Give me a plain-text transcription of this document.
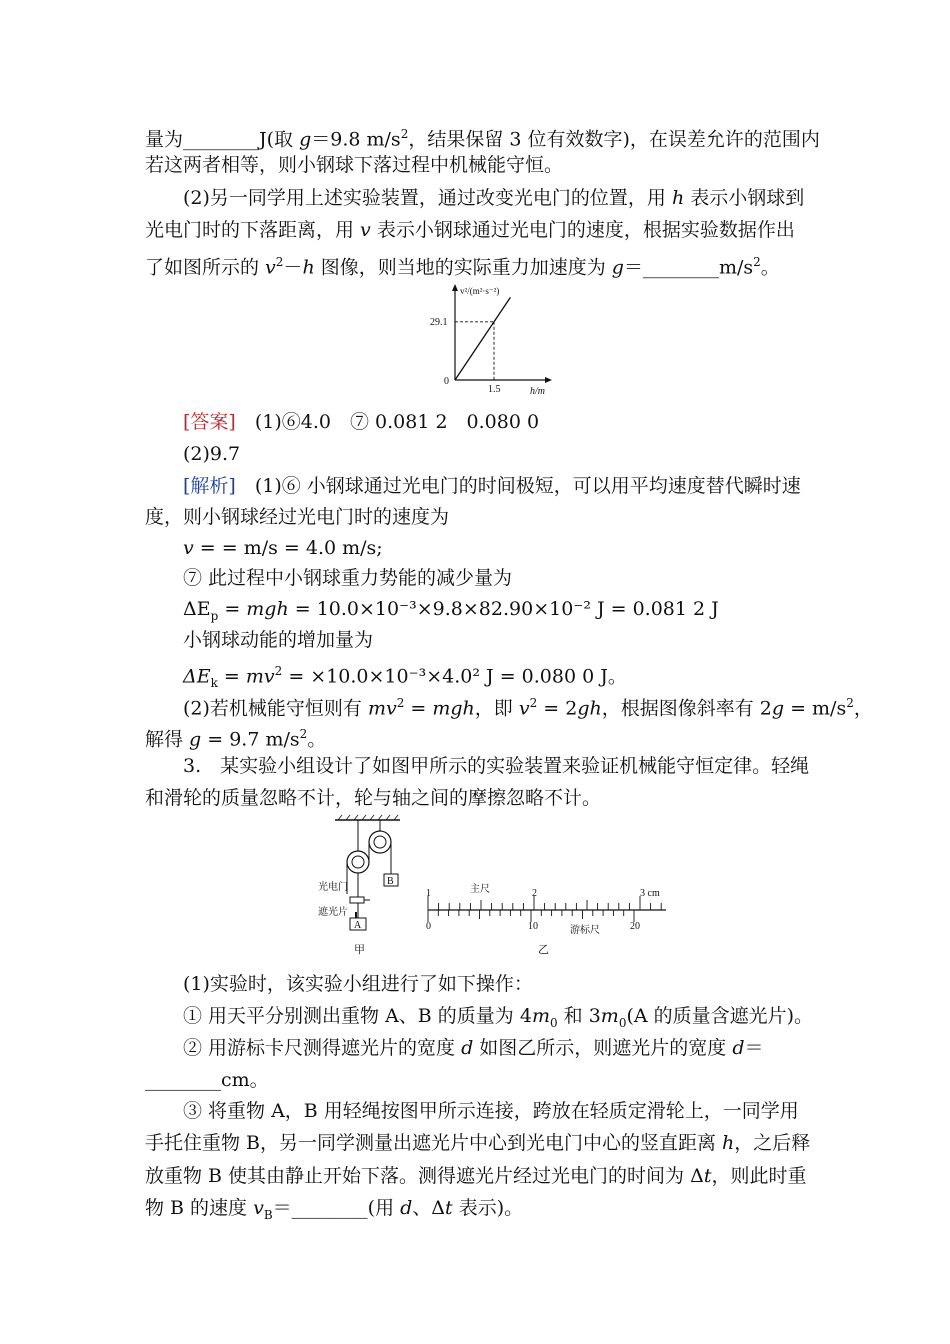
量为________J(取 g＝9.8 $m/s^2$，结果保留 3 位有效数字)，在误差允许的范围内
若这两者相等，则小钢球下落过程中机械能守恒。
(2)另一同学用上述实验装置，通过改变光电门的位置，用 h 表示小钢球到
光电门时的下落距离，用 v 表示小钢球通过光电门的速度，根据实验数据作出
了如图所示的 $v^2-h$ 图像，则当地的实际重力加速度为 $g=\_\_\_\_\_\_\_\_m/s^2$。
v²/(m²·s⁻²)
29.1
0
1.5	h/m
[答案]　 (1)⑥4.0　⑦ 0.081 2　0.080 0
(2)9.7
[解析]　 (1)⑥ 小钢球通过光电门的时间极短，可以用平均速度替代瞬时速
度，则小钢球经过光电门时的速度为
v = = m/s = 4.0 m/s;
⑦ 此过程中小钢球重力势能的减少量为
$\Delta E_p$ = mgh = 10.0×10⁻³×9.8×82.90×10⁻² J = 0.081 2 J
小钢球动能的增加量为
$\Delta E_k = mv^2 = \times 10.0\times 10^{-3}\times 4.0^2$ J = 0.080 0 J。
(2)若机械能守恒则有 $mv^2$ = mgh，即 $v^2 = 2gh$，根据图像斜率有 $2g = m/s^2$，
解得 g = 9.7 $m/s^2$。
3.　某实验小组设计了如图甲所示的实验装置来验证机械能守恒定律。轻绳
和滑轮的质量忽略不计，轮与轴之间的摩擦忽略不计。
B
光电门
遮光片
A
甲
1	主尺	2	3 cm
0	10	游标尺	20
乙
(1)实验时，该实验小组进行了如下操作：
① 用天平分别测出重物 A、B 的质量为 $4m_0$ 和 $3m_0(A$ 的质量含遮光片)。
② 用游标卡尺测得遮光片的宽度 d 如图乙所示，则遮光片的宽度 d＝
________cm。
③ 将重物 A，B 用轻绳按图甲所示连接，跨放在轻质定滑轮上，一同学用
手托住重物 B，另一同学测量出遮光片中心到光电门中心的竖直距离 h，之后释
放重物 B 使其由静止开始下落。测得遮光片经过光电门的时间为 Δt，则此时重
物 B 的速度 $v_B=\_\_\_\_\_\_\_\_$(用 d、Δt 表示)。
